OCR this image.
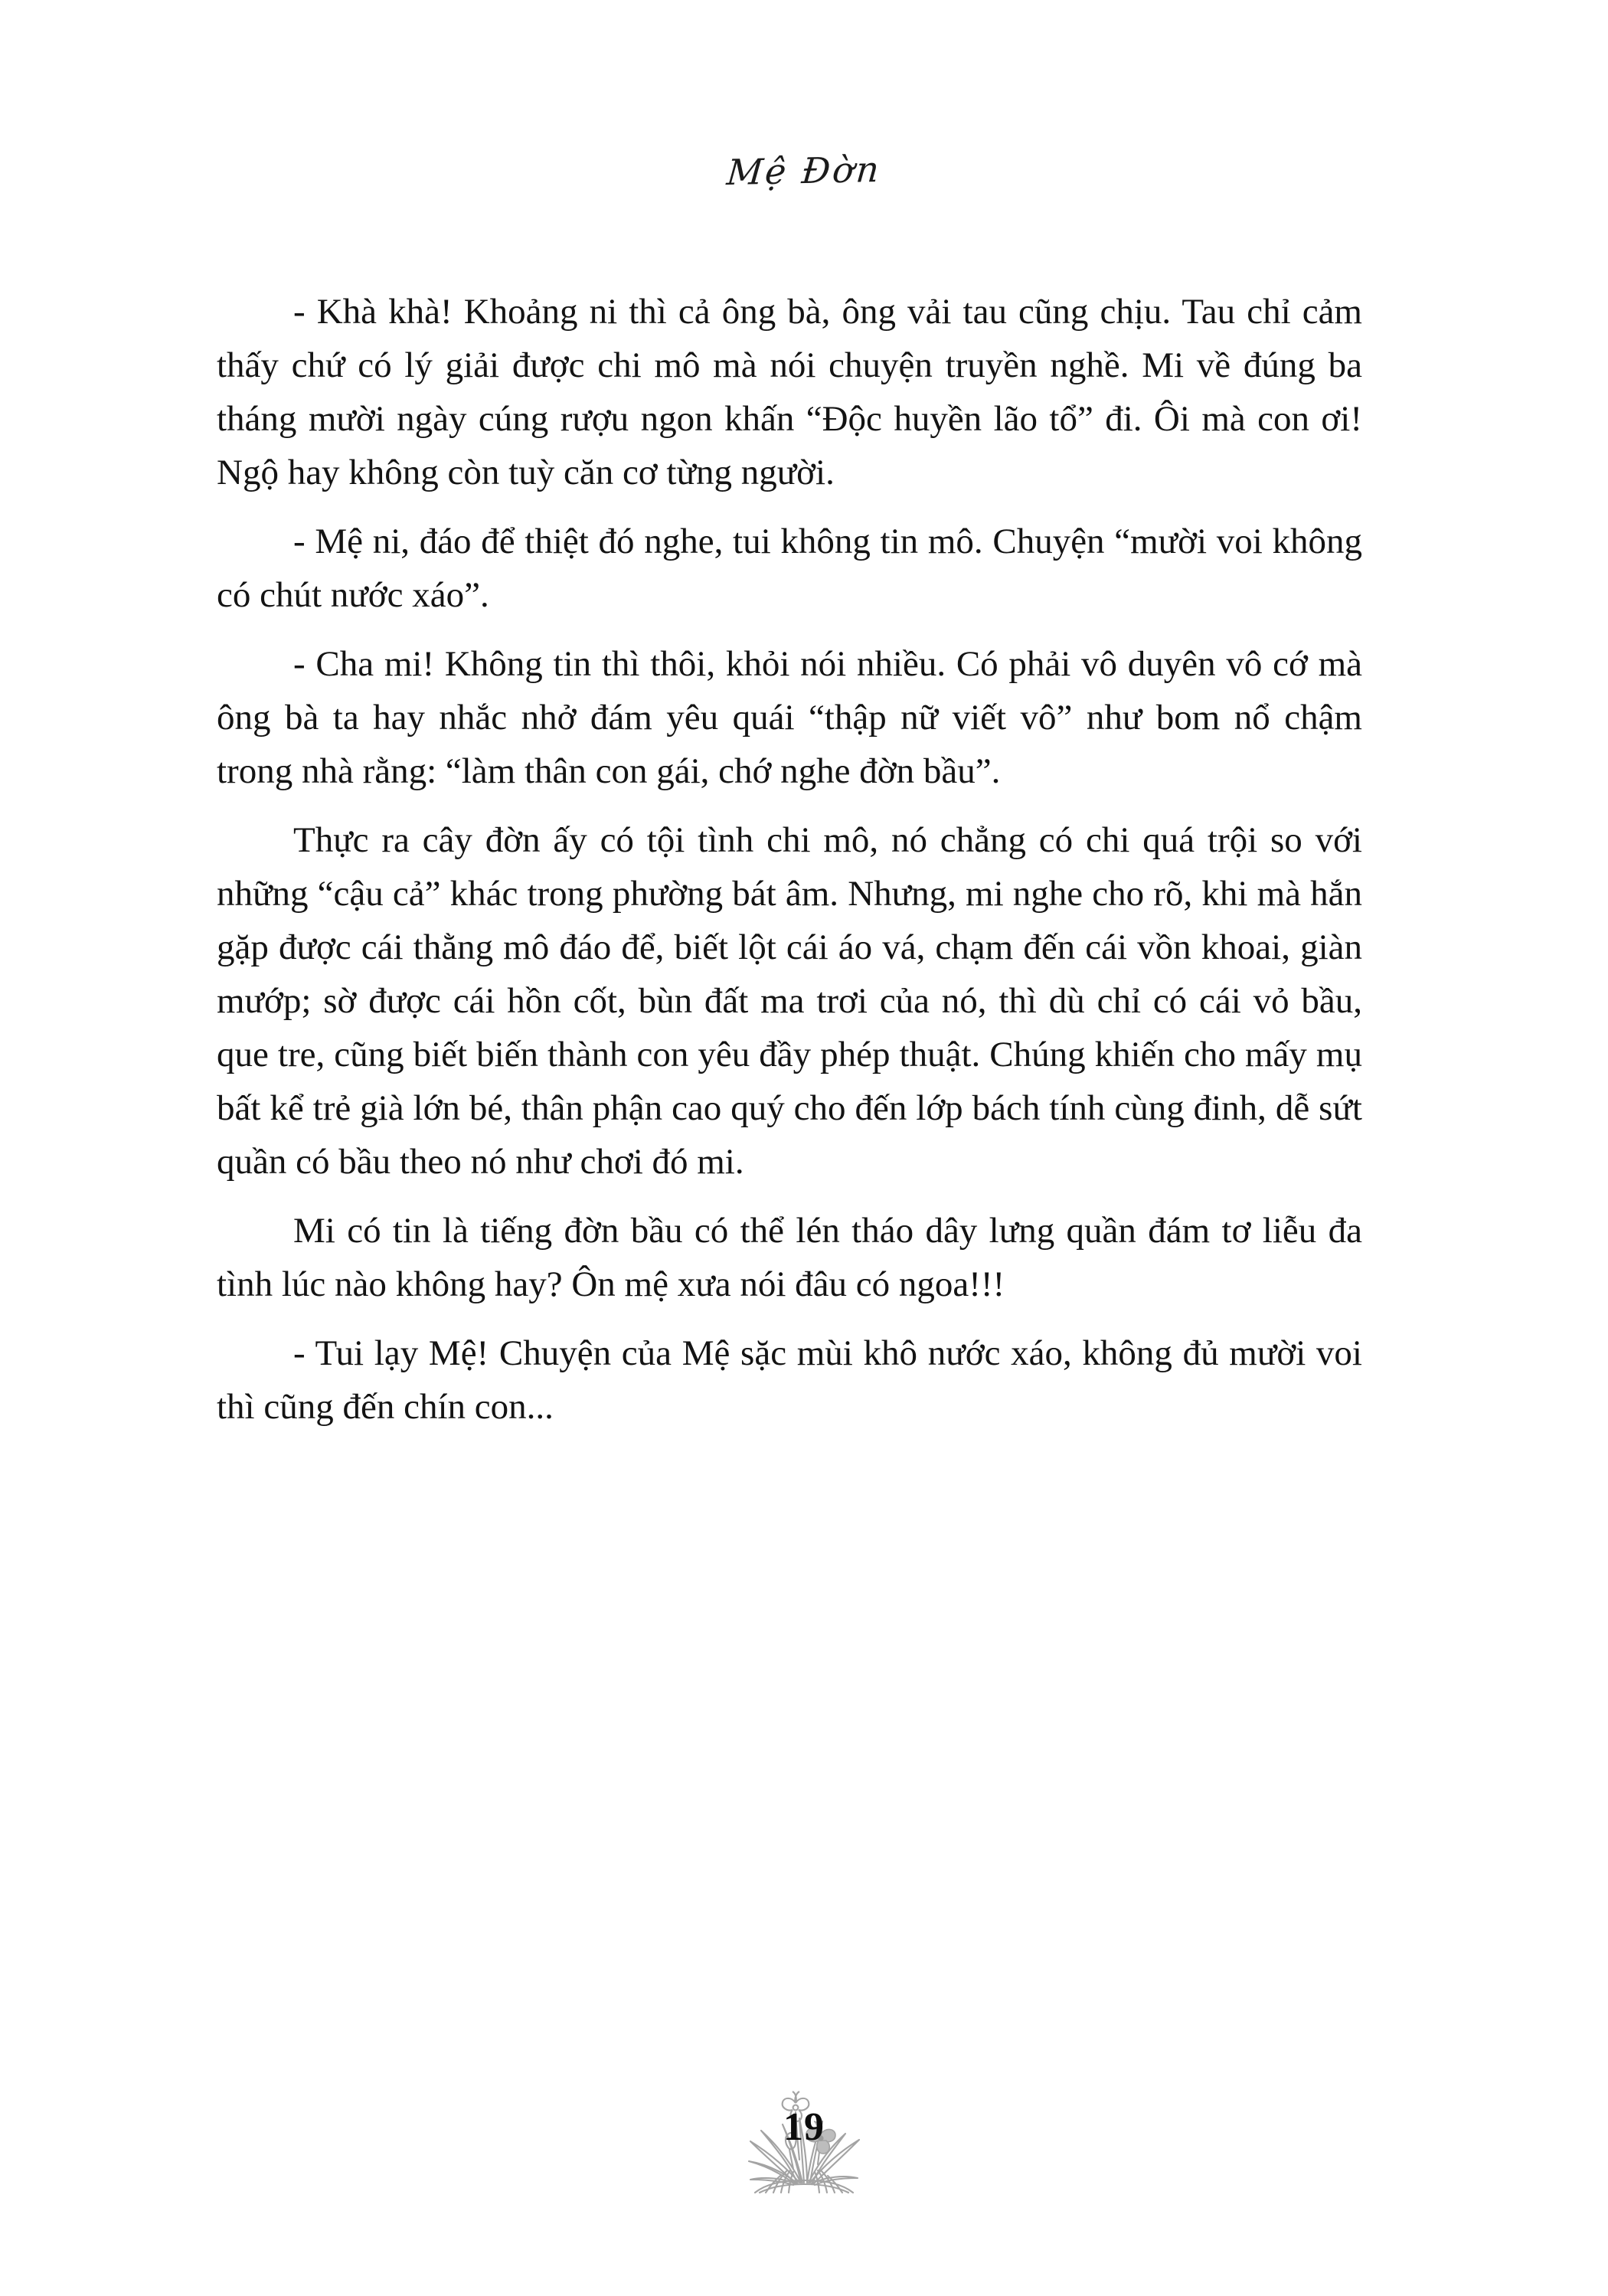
Mệ Đờn

- Khà khà! Khoảng ni thì cả ông bà, ông vải tau cũng chịu. Tau chỉ cảm thấy chứ có lý giải được chi mô mà nói chuyện truyền nghề. Mi về đúng ba tháng mười ngày cúng rượu ngon khấn “Độc huyền lão tổ” đi. Ôi mà con ơi! Ngộ hay không còn tuỳ căn cơ từng người.

- Mệ ni, đáo để thiệt đó nghe, tui không tin mô. Chuyện “mười voi không có chút nước xáo”.

- Cha mi! Không tin thì thôi, khỏi nói nhiều. Có phải vô duyên vô cớ mà ông bà ta hay nhắc nhở đám yêu quái “thập nữ viết vô” như bom nổ chậm trong nhà rằng: “làm thân con gái, chớ nghe đờn bầu”.

Thực ra cây đờn ấy có tội tình chi mô, nó chẳng có chi quá trội so với những “cậu cả” khác trong phường bát âm. Nhưng, mi nghe cho rõ, khi mà hắn gặp được cái thằng mô đáo để, biết lột cái áo vá, chạm đến cái vồn khoai, giàn mướp; sờ được cái hồn cốt, bùn đất ma trơi của nó, thì dù chỉ có cái vỏ bầu, que tre, cũng biết biến thành con yêu đầy phép thuật. Chúng khiến cho mấy mụ bất kể trẻ già lớn bé, thân phận cao quý cho đến lớp bách tính cùng đinh, dễ sứt quần có bầu theo nó như chơi đó mi.

Mi có tin là tiếng đờn bầu có thể lén tháo dây lưng quần đám tơ liễu đa tình lúc nào không hay? Ôn mệ xưa nói đâu có ngoa!!!

- Tui lạy Mệ! Chuyện của Mệ sặc mùi khô nước xáo, không đủ mười voi thì cũng đến chín con...

19
